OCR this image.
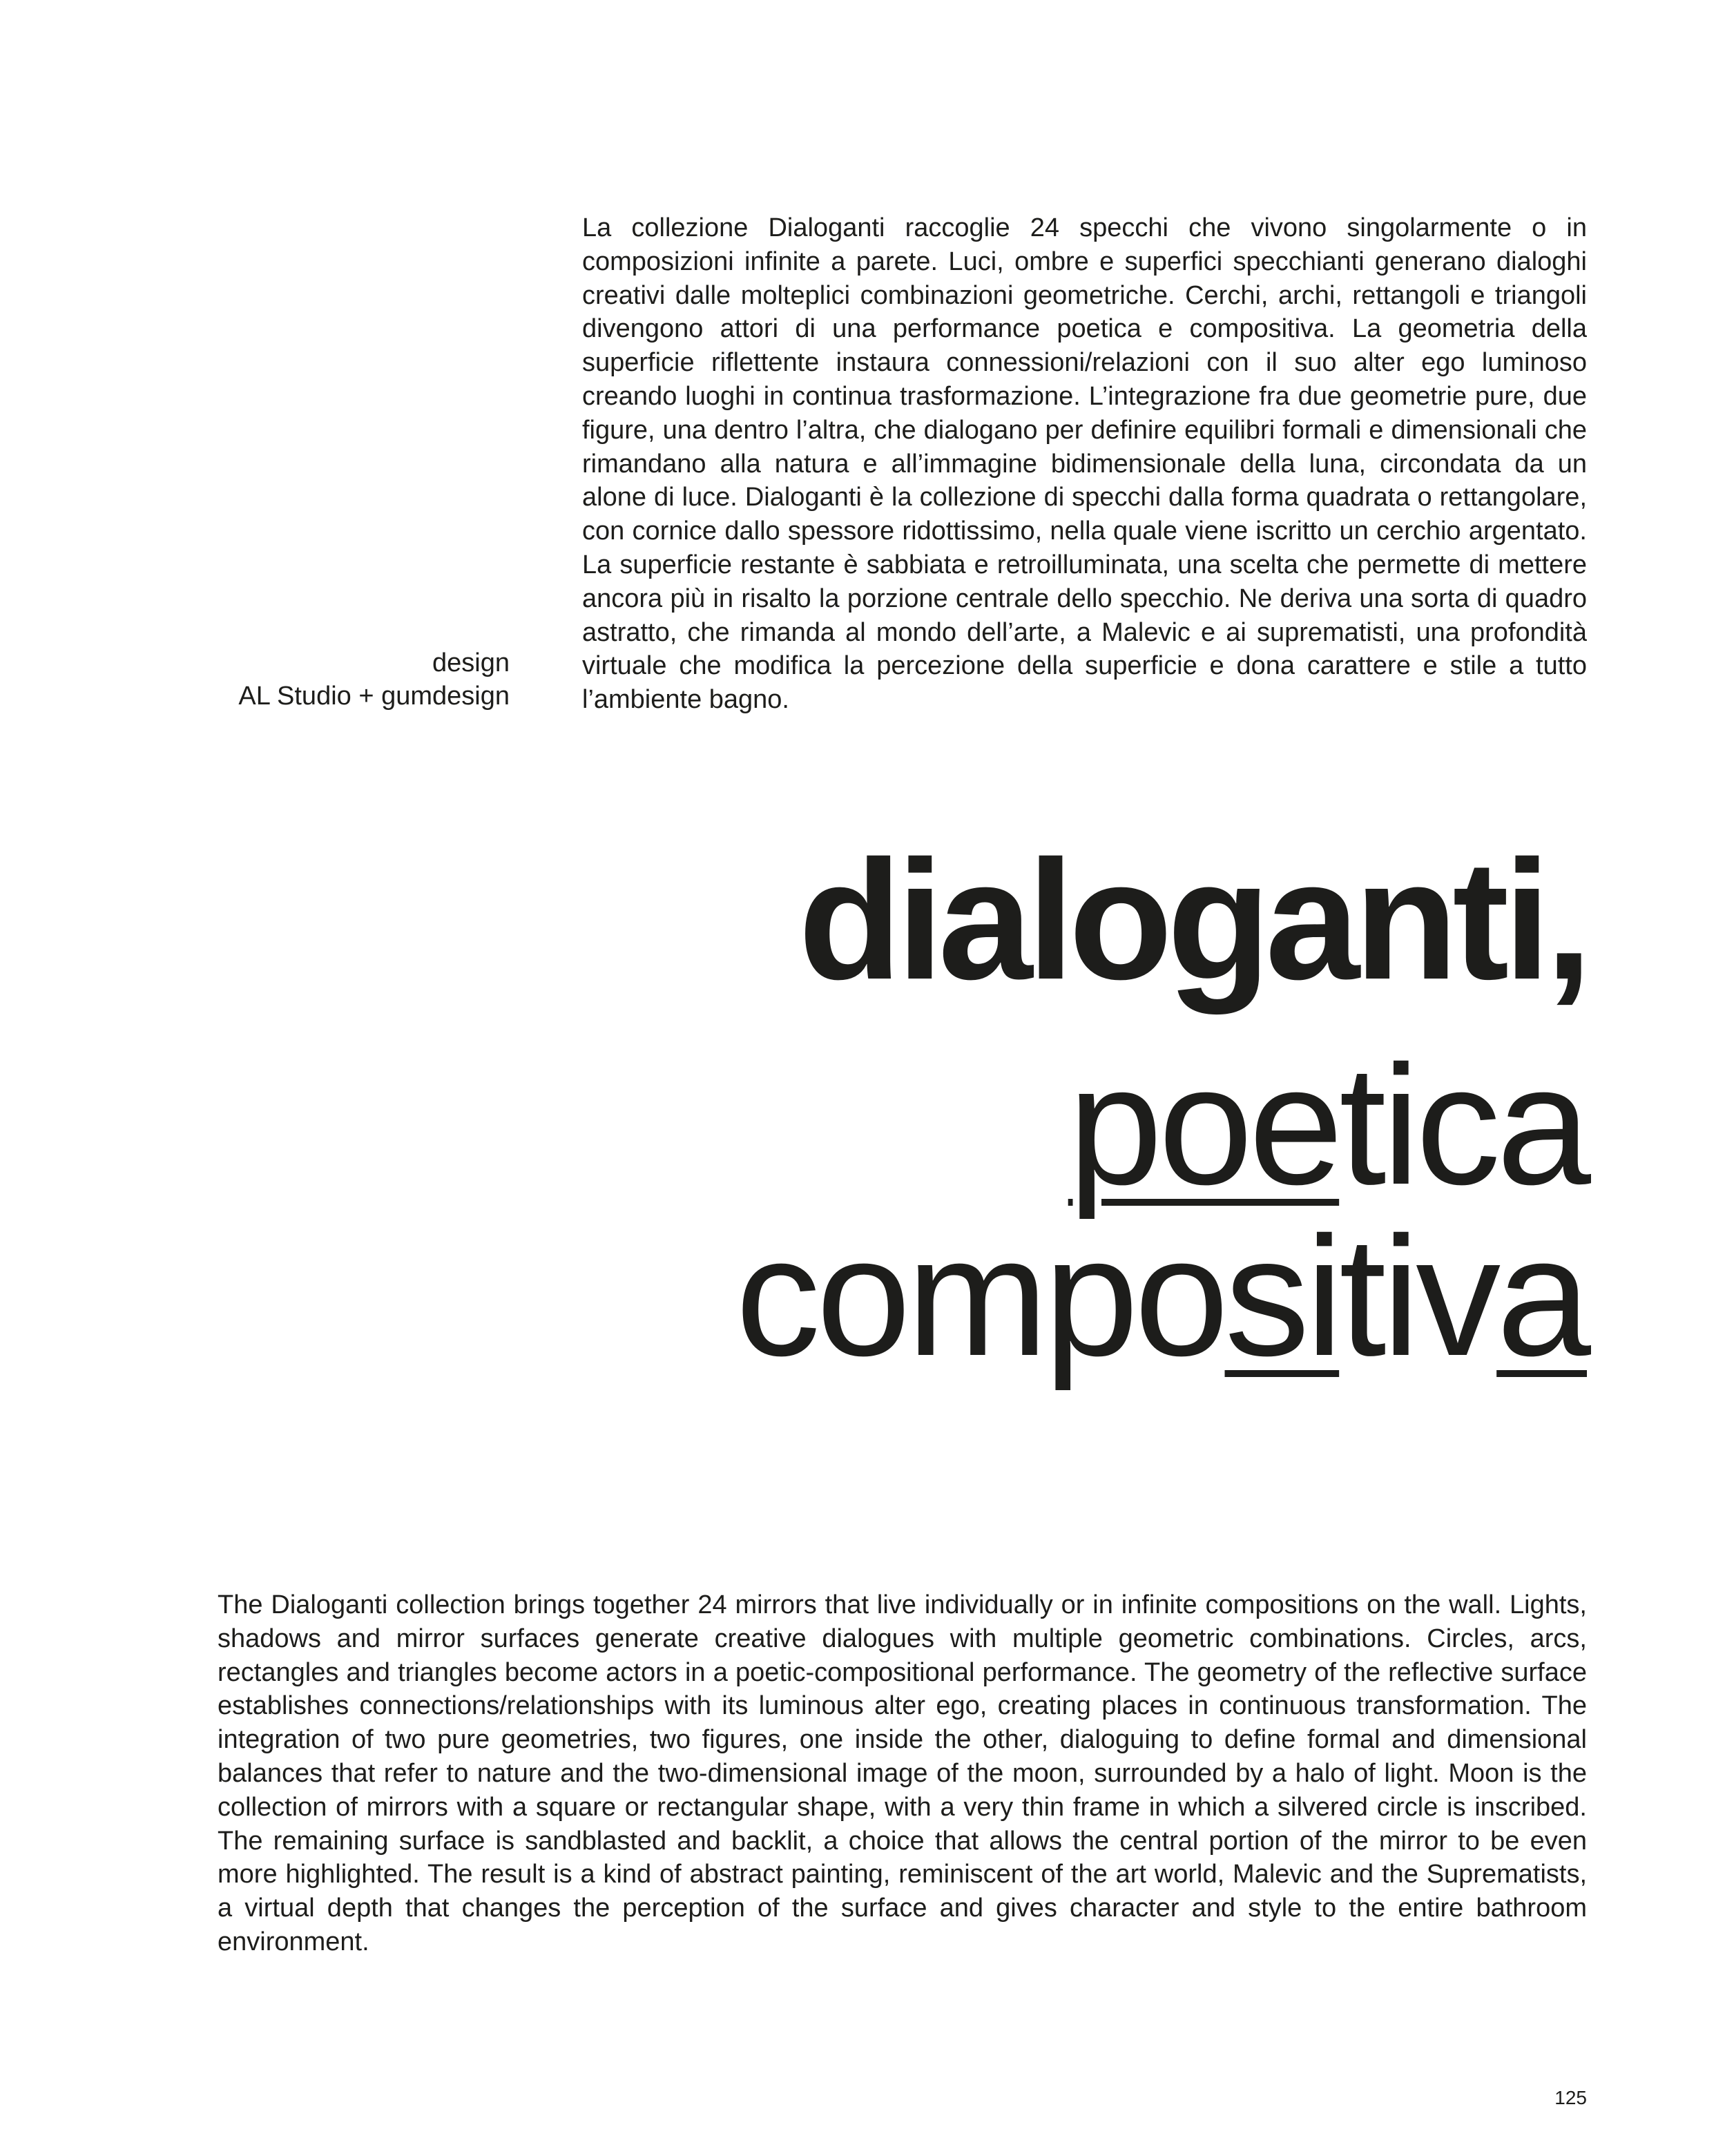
design
AL Studio + gumdesign

La collezione Dialoganti raccoglie 24 specchi che vivono singolarmente o in composizioni infinite a parete. Luci, ombre e superfici specchianti generano dialoghi creativi dalle molteplici combinazioni geometriche. Cerchi, archi, rettangoli e triangoli divengono attori di una performance poetica e compositiva. La geometria della superficie riflettente instaura connessioni/relazioni con il suo alter ego luminoso creando luoghi in continua trasformazione. L’integrazione fra due geometrie pure, due figure, una dentro l’altra, che dialogano per definire equilibri formali e dimensionali che rimandano alla natura e all’immagine bidimensionale della luna, circondata da un alone di luce. Dialoganti è la collezione di specchi dalla forma quadrata o rettangolare, con cornice dallo spessore ridottissimo, nella quale viene iscritto un cerchio argentato. La superficie restante è sabbiata e retroilluminata, una scelta che permette di mettere ancora più in risalto la porzione centrale dello specchio. Ne deriva una sorta di quadro astratto, che rimanda al mondo dell’arte, a Malevic e ai suprematisti, una profondità virtuale che modifica la percezione della superficie e dona carattere e stile a tutto l’ambiente bagno.

dialoganti,
poetica
compositiva

The Dialoganti collection brings together 24 mirrors that live individually or in infinite compositions on the wall. Lights, shadows and mirror surfaces generate creative dialogues with multiple geometric combinations. Circles, arcs, rectangles and triangles become actors in a poetic-compositional performance. The geometry of the reflective surface establishes connections/relationships with its luminous alter ego, creating places in continuous transformation. The integration of two pure geometries, two figures, one inside the other, dialoguing to define formal and dimensional balances that refer to nature and the two-dimensional image of the moon, surrounded by a halo of light. Moon is the collection of mirrors with a square or rectangular shape, with a very thin frame in which a silvered circle is inscribed. The remaining surface is sandblasted and backlit, a choice that allows the central portion of the mirror to be even more highlighted. The result is a kind of abstract painting, reminiscent of the art world, Malevic and the Suprematists, a virtual depth that changes the perception of the surface and gives character and style to the entire bathroom environment.

125
